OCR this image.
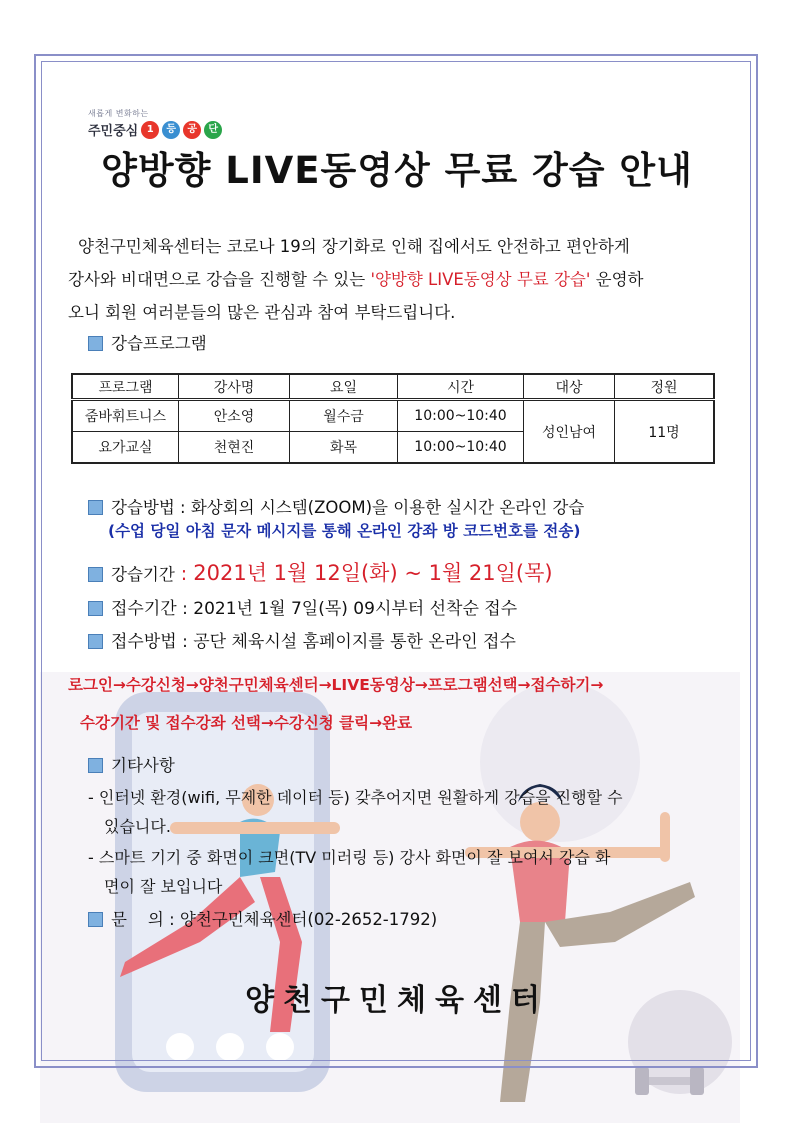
새롭게 변화하는
주민중심 1	등	공	단
양방향 LIVE동영상 무료 강습 안내
양천구민체육센터는 코로나 19의 장기화로 인해 집에서도 안전하고 편안하게
강사와 비대면으로 강습을 진행할 수 있는 '양방향 LIVE동영상 무료 강습' 운영하
오니 회원 여러분들의 많은 관심과 참여 부탁드립니다.
강습프로그램
프로그램	강사명	요일	시간	대상	정원
줌바휘트니스	안소영	월수금	10:00~10:40	성인남여	11명
요가교실	천현진	화목	10:00~10:40		
강습방법 : 화상회의 시스템(ZOOM)을 이용한 실시간 온라인 강습
(수업 당일 아침 문자 메시지를 통해 온라인 강좌 방 코드번호를 전송)
강습기간 : 2021년 1월 12일(화) ~ 1월 21일(목)
접수기간 : 2021년 1월 7일(목) 09시부터 선착순 접수
접수방법 : 공단 체육시설 홈페이지를 통한 온라인 접수
로그인→수강신청→양천구민체육센터→LIVE동영상→프로그램선택→접수하기→
수강기간 및 접수강좌 선택→수강신청 클릭→완료
기타사항
- 인터넷 환경(wifi, 무제한 데이터 등) 갖추어지면 원활하게 강습을 진행할 수
있습니다.
- 스마트 기기 중 화면이 크면(TV 미러링 등) 강사 화면이 잘 보여서 강습 화
면이 잘 보입니다
문    의 : 양천구민체육센터(02-2652-1792)
양천구민체육센터
